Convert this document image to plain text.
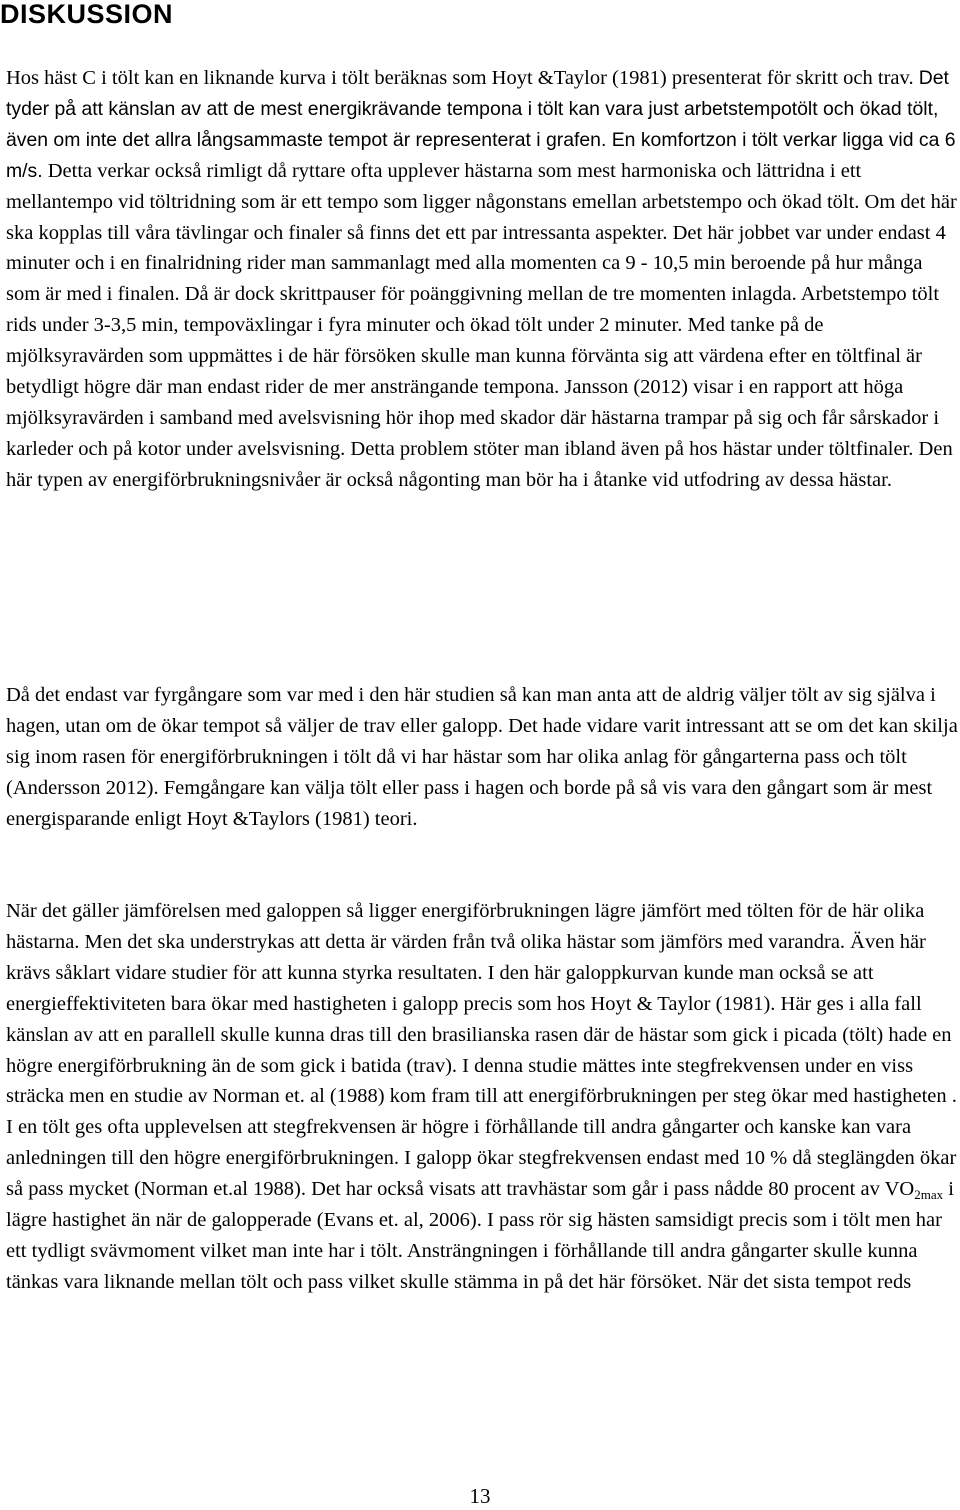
DISKUSSION

Hos häst C i tölt kan en liknande kurva i tölt beräknas som Hoyt &Taylor (1981) presenterat för skritt och trav. Det tyder på att känslan av att de mest energikrävande tempona i tölt kan vara just arbetstempotölt och ökad tölt, även om inte det allra långsammaste tempot är representerat i grafen. En komfortzon i tölt verkar ligga vid ca 6 m/s. Detta verkar också rimligt då ryttare ofta upplever hästarna som mest harmoniska och lättridna i ett mellantempo vid töltridning som är ett tempo som ligger någonstans emellan arbetstempo och ökad tölt. Om det här ska kopplas till våra tävlingar och finaler så finns det ett par intressanta aspekter. Det här jobbet var under endast 4 minuter och i en finalridning rider man sammanlagt med alla momenten ca 9 - 10,5 min beroende på hur många som är med i finalen. Då är dock skrittpauser för poänggivning mellan de tre momenten inlagda. Arbetstempo tölt rids under 3-3,5 min, tempoväxlingar i fyra minuter och ökad tölt under 2 minuter. Med tanke på de mjölksyravärden som uppmättes i de här försöken skulle man kunna förvänta sig att värdena efter en töltfinal är betydligt högre där man endast rider de mer ansträngande tempona. Jansson (2012) visar i en rapport att höga mjölksyravärden i samband med avelsvisning hör ihop med skador där hästarna trampar på sig och får sårskador i karleder och på kotor under avelsvisning. Detta problem stöter man ibland även på hos hästar under töltfinaler. Den här typen av energiförbrukningsnivåer är också någonting man bör ha i åtanke vid utfodring av dessa hästar.

Då det endast var fyrgångare som var med i den här studien så kan man anta att de aldrig väljer tölt av sig själva i hagen, utan om de ökar tempot så väljer de trav eller galopp. Det hade vidare varit intressant att se om det kan skilja sig inom rasen för energiförbrukningen i tölt då vi har hästar som har olika anlag för gångarterna pass och tölt (Andersson 2012). Femgångare kan välja tölt eller pass i hagen och borde på så vis vara den gångart som är mest energisparande enligt Hoyt &Taylors (1981) teori.

När det gäller jämförelsen med galoppen så ligger energiförbrukningen lägre jämfört med tölten för de här olika hästarna. Men det ska understrykas att detta är värden från två olika hästar som jämförs med varandra. Även här krävs såklart vidare studier för att kunna styrka resultaten. I den här galoppkurvan kunde man också se att energieffektiviteten bara ökar med hastigheten i galopp precis som hos Hoyt & Taylor (1981). Här ges i alla fall känslan av att en parallell skulle kunna dras till den brasilianska rasen där de hästar som gick i picada (tölt) hade en högre energiförbrukning än de som gick i batida (trav). I denna studie mättes inte stegfrekvensen under en viss sträcka men en studie av Norman et. al (1988) kom fram till att energiförbrukningen per steg ökar med hastigheten . I en tölt ges ofta upplevelsen att stegfrekvensen är högre i förhållande till andra gångarter och kanske kan vara anledningen till den högre energiförbrukningen. I galopp ökar stegfrekvensen endast med 10 % då steglängden ökar så pass mycket (Norman et.al 1988). Det har också visats att travhästar som går i pass nådde 80 procent av $VO_{2max}$ i lägre hastighet än när de galopperade (Evans et. al, 2006). I pass rör sig hästen samsidigt precis som i tölt men har ett tydligt svävmoment vilket man inte har i tölt. Ansträngningen i förhållande till andra gångarter skulle kunna tänkas vara liknande mellan tölt och pass vilket skulle stämma in på det här försöket. När det sista tempot reds

13
